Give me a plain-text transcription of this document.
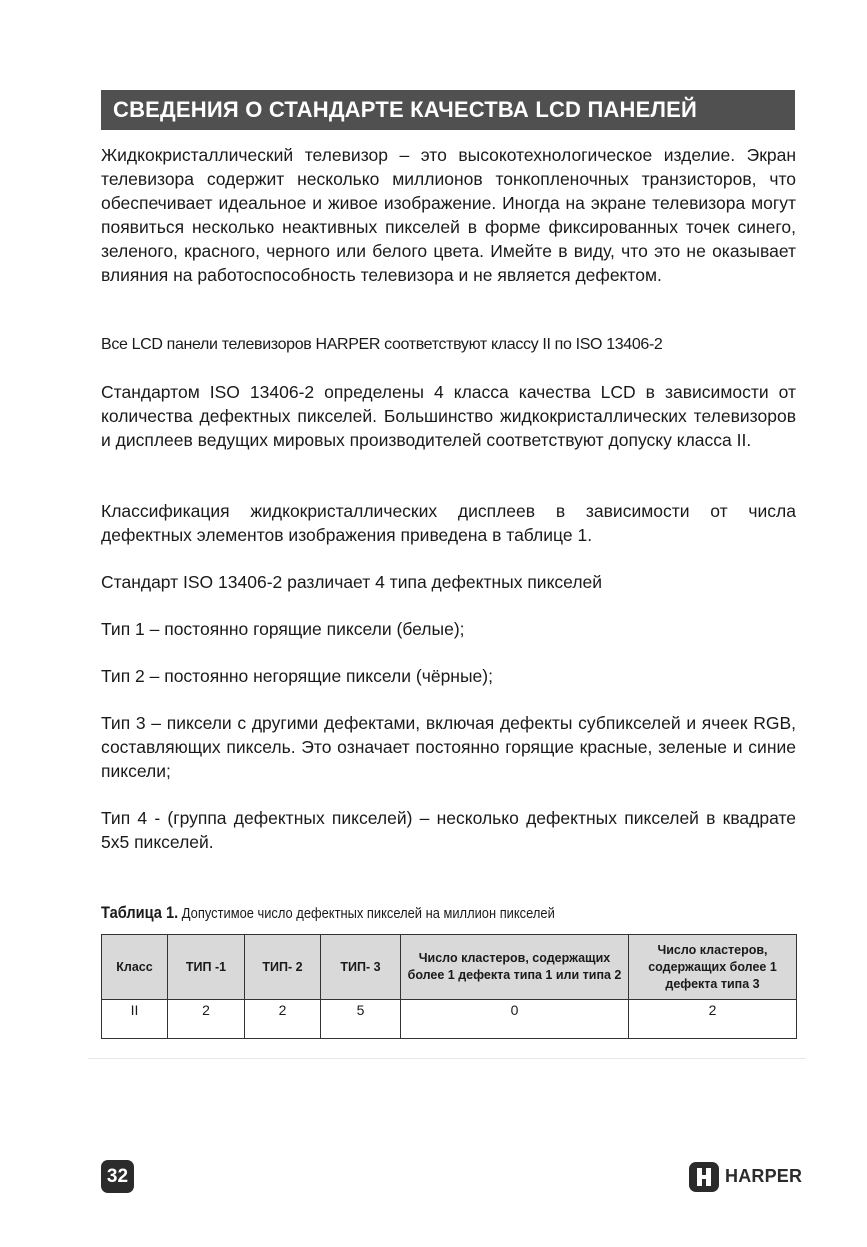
СВЕДЕНИЯ О СТАНДАРТЕ КАЧЕСТВА LCD ПАНЕЛЕЙ

Жидкокристаллический телевизор – это высокотехнологическое изделие. Экран телевизора содержит несколько миллионов тонкопленочных транзисторов, что обеспечивает идеальное и живое изображение. Иногда на экране телевизора могут появиться несколько неактивных пикселей в форме фиксированных точек синего, зеленого, красного, черного или белого цвета. Имейте в виду, что это не оказывает влияния на работоспособность телевизора и не является дефектом.

Все LCD панели телевизоров HARPER соответствуют классу II по ISO 13406-2

Стандартом ISO 13406-2 определены 4 класса качества LCD в зависимости от количества дефектных пикселей. Большинство жидкокристаллических телевизоров и дисплеев ведущих мировых производителей соответствуют допуску класса II.

Классификация жидкокристаллических дисплеев в зависимости от числа дефектных элементов изображения приведена в таблице 1.

Стандарт ISO 13406-2 различает 4 типа дефектных пикселей

Тип 1 – постоянно горящие пиксели (белые);

Тип 2 – постоянно негорящие пиксели (чёрные);

Тип 3 – пиксели с другими дефектами, включая дефекты субпикселей и ячеек RGB, составляющих пиксель. Это означает постоянно горящие красные, зеленые и синие пиксели;

Тип 4 - (группа дефектных пикселей) – несколько дефектных пикселей в квадрате 5x5 пикселей.

Таблица 1. Допустимое число дефектных пикселей на миллион пикселей

Класс	ТИП -1	ТИП- 2	ТИП- 3	Число кластеров, содержащих более 1 дефекта типа 1 или типа 2	Число кластеров, содержащих более 1 дефекта типа 3
II	2	2	5	0	2
32	HARPER
